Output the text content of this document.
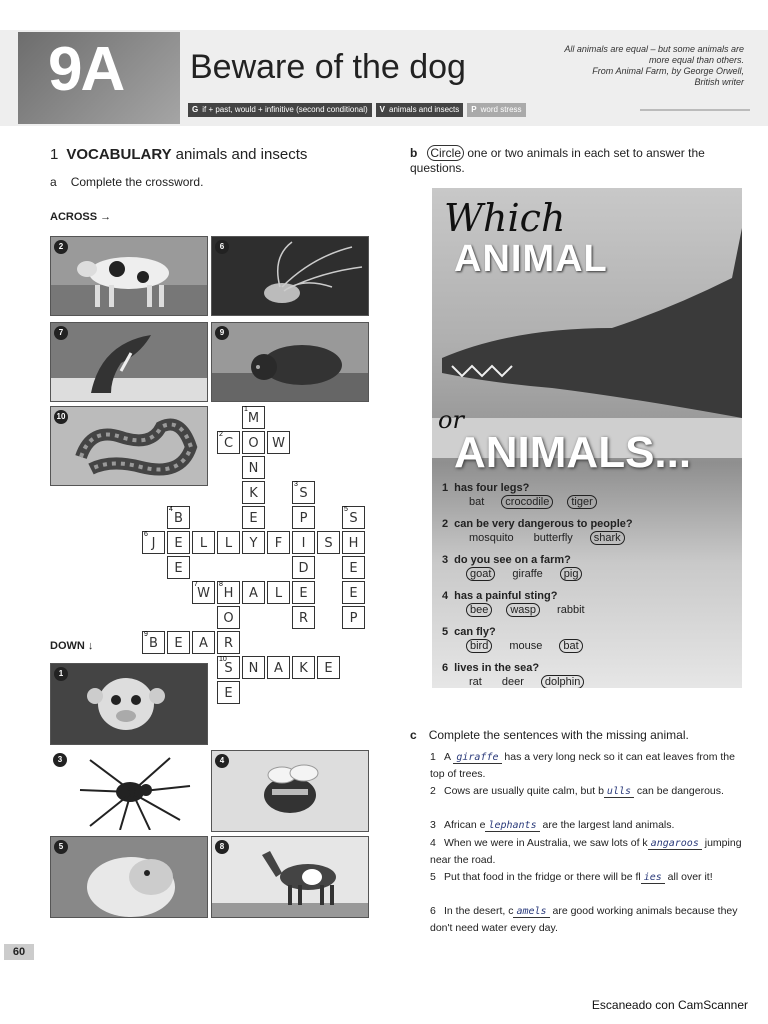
9A Beware of the dog	All animals are equal – but some animals are more equal than others.
From Animal Farm, by George Orwell,
British writer
G if + past, would + infinitive (second conditional)	V animals and insects	P word stress
1 VOCABULARY animals and insects
a Complete the crossword.
ACROSS →
2	6
7	9
10
1
M
2
C	O	W
N
K
3
S
4
B	E	P
5
S
6
J	E	L	L	Y	F	I	S	H
E	D	E
7
W
8
H	A	L	E	E
O	R	P
9
B	E	A	R
10
S	N	A	K	E
E
DOWN ↓
1
3	4
5	8
b Circle one or two animals in each set to answer the questions.
Which
ANIMAL
or
ANIMALS...
1 has four legs?
bat crocodile tiger
2 can be very dangerous to people?
mosquito butterfly shark
3 do you see on a farm?
goat giraffe pig
4 has a painful sting?
bee wasp rabbit
5 can fly?
bird mouse bat
6 lives in the sea?
rat deer dolphin
c Complete the sentences with the missing animal.
1 A giraffe has a very long neck so it can eat leaves from the top of trees.
2 Cows are usually quite calm, but b ulls can be dangerous.
3 African e lephants are the largest land animals.
4 When we were in Australia, we saw lots of k angaroos jumping near the road.
5 Put that food in the fridge or there will be fl ies all over it!
6 In the desert, c amels are good working animals because they don't need water every day.
60
Escaneado con CamScanner
